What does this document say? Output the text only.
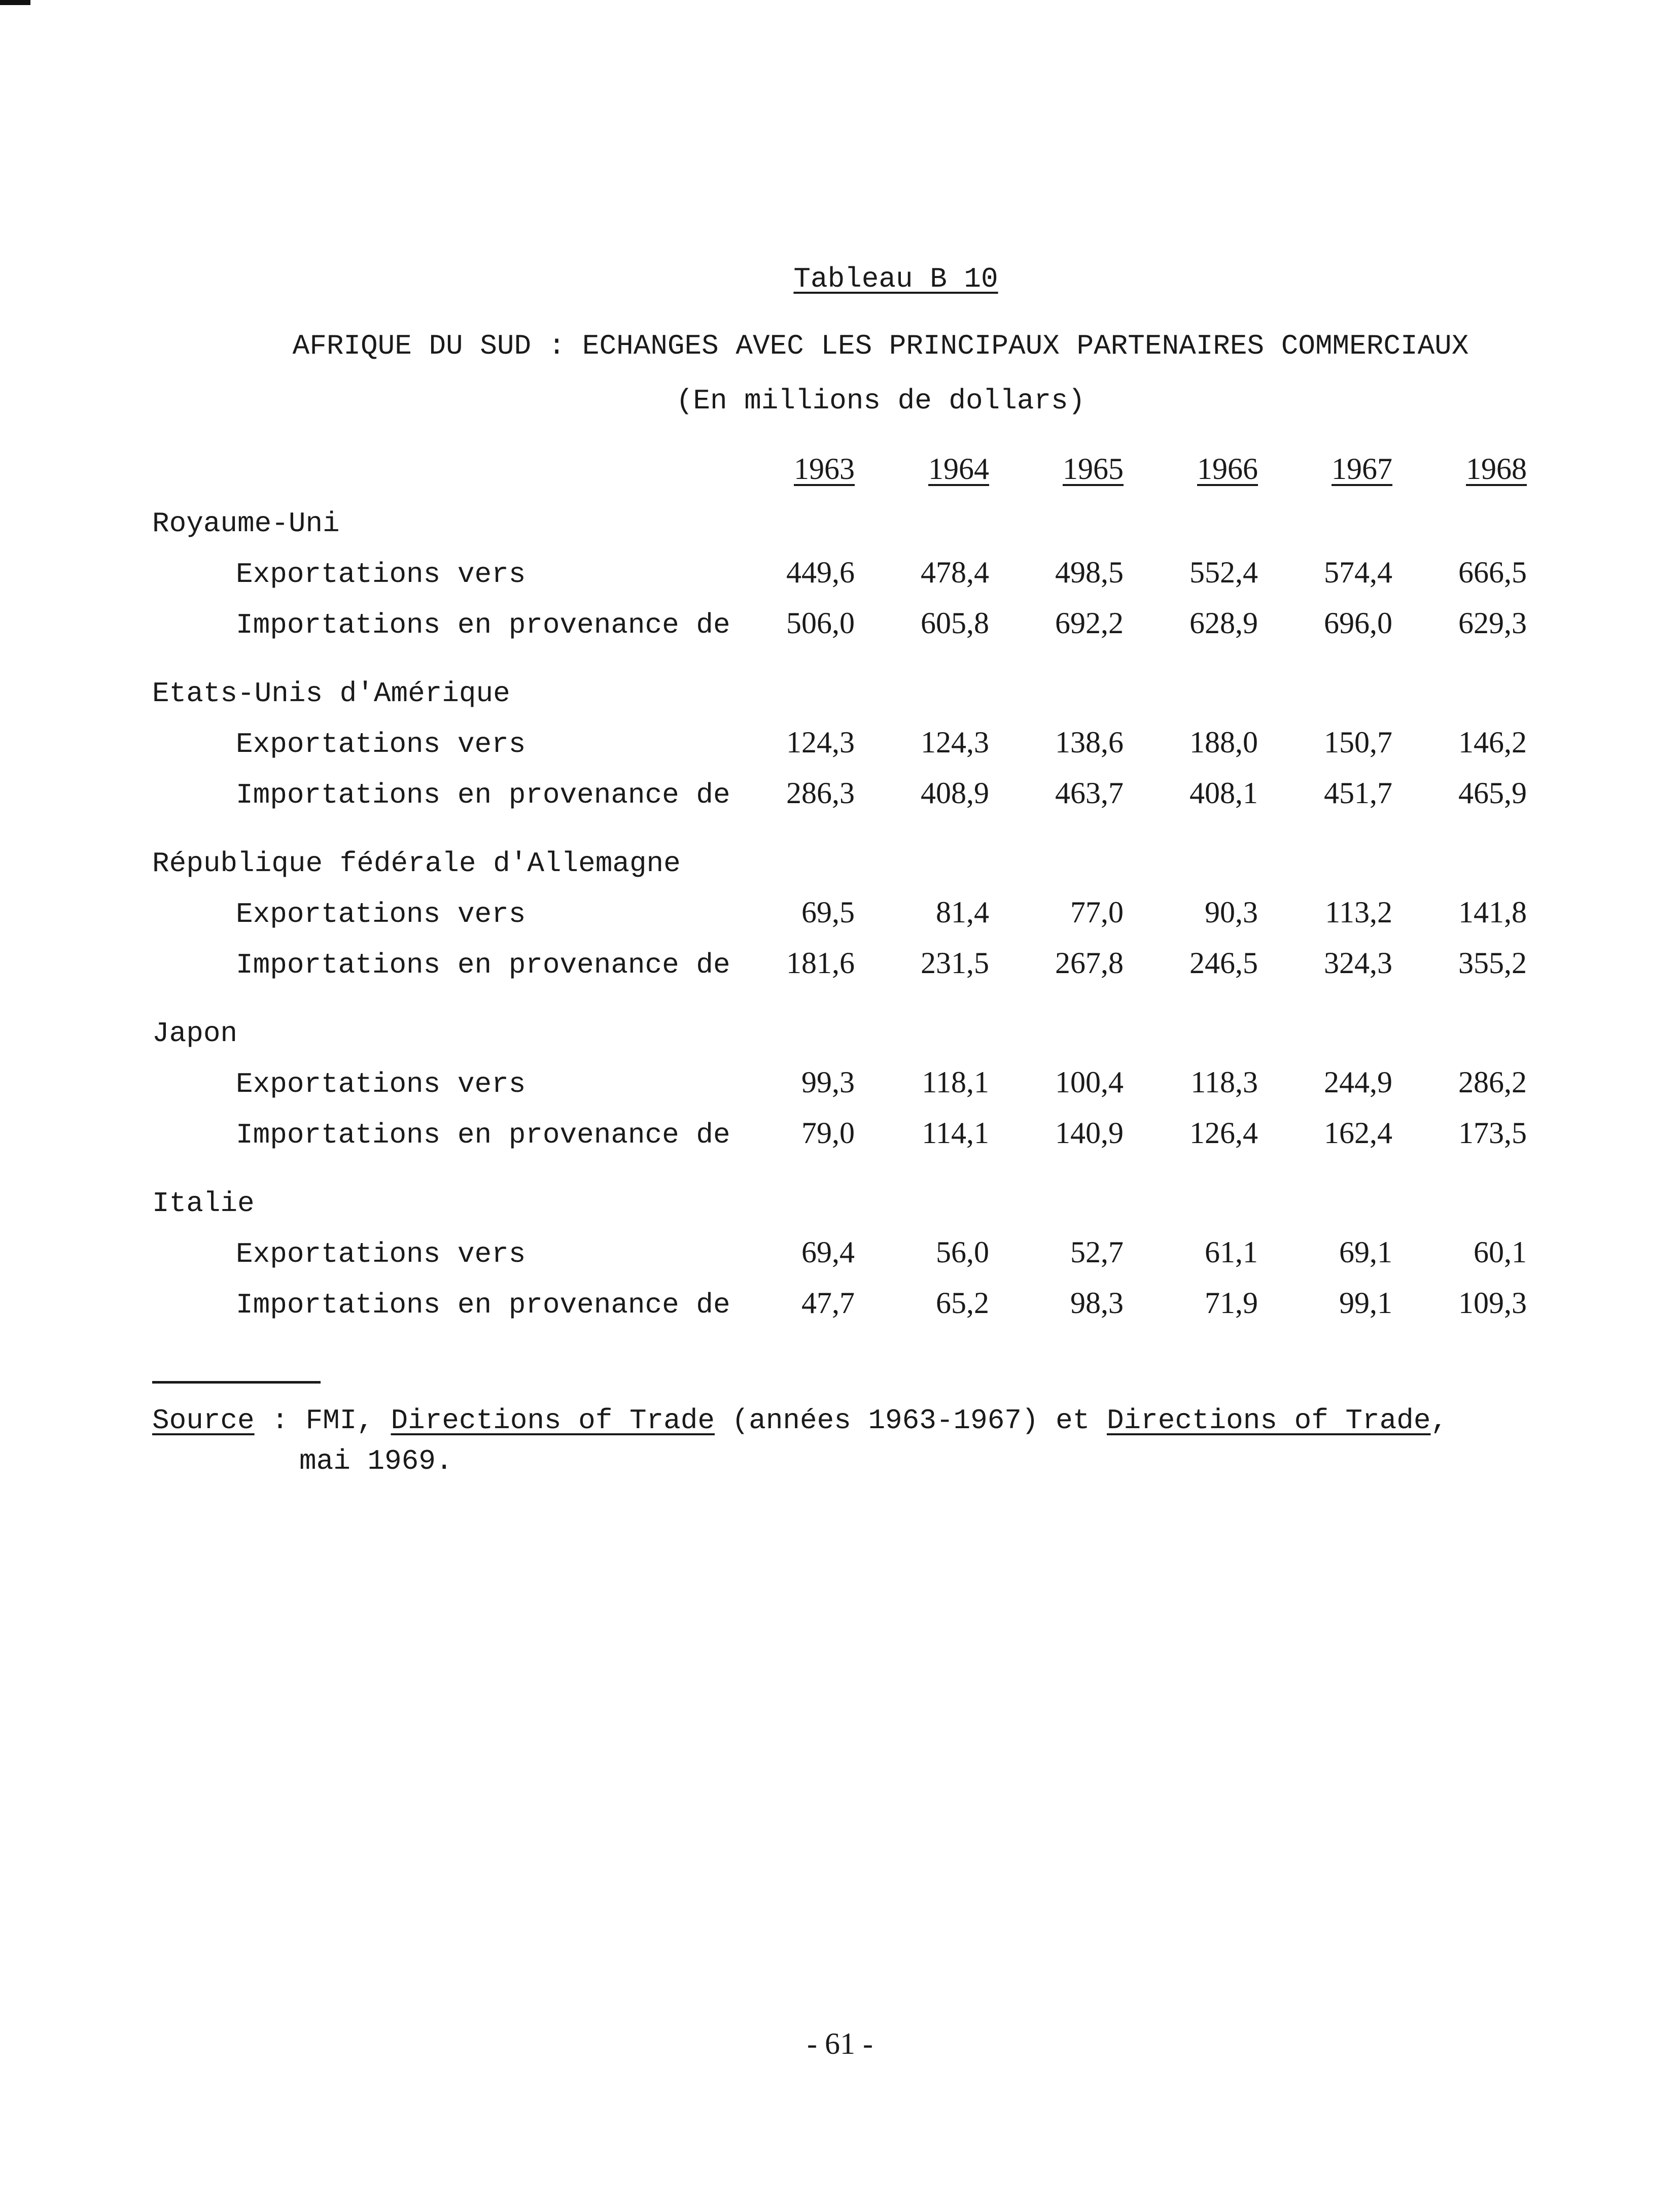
Tableau B 10
AFRIQUE DU SUD : ECHANGES AVEC LES PRINCIPAUX PARTENAIRES COMMERCIAUX
(En millions de dollars)
1963	1964	1965	1966	1967	1968
Royaume-Uni
Exportations vers	449,6	478,4	498,5	552,4	574,4	666,5
Importations en provenance de	506,0	605,8	692,2	628,9	696,0	629,3
Etats-Unis d'Amérique
Exportations vers	124,3	124,3	138,6	188,0	150,7	146,2
Importations en provenance de	286,3	408,9	463,7	408,1	451,7	465,9
République fédérale d'Allemagne
Exportations vers	69,5	81,4	77,0	90,3	113,2	141,8
Importations en provenance de	181,6	231,5	267,8	246,5	324,3	355,2
Japon
Exportations vers	99,3	118,1	100,4	118,3	244,9	286,2
Importations en provenance de	79,0	114,1	140,9	126,4	162,4	173,5
Italie
Exportations vers	69,4	56,0	52,7	61,1	69,1	60,1
Importations en provenance de	47,7	65,2	98,3	71,9	99,1	109,3
Source : FMI, Directions of Trade (années 1963-1967) et Directions of Trade,
mai 1969.
- 61 -
